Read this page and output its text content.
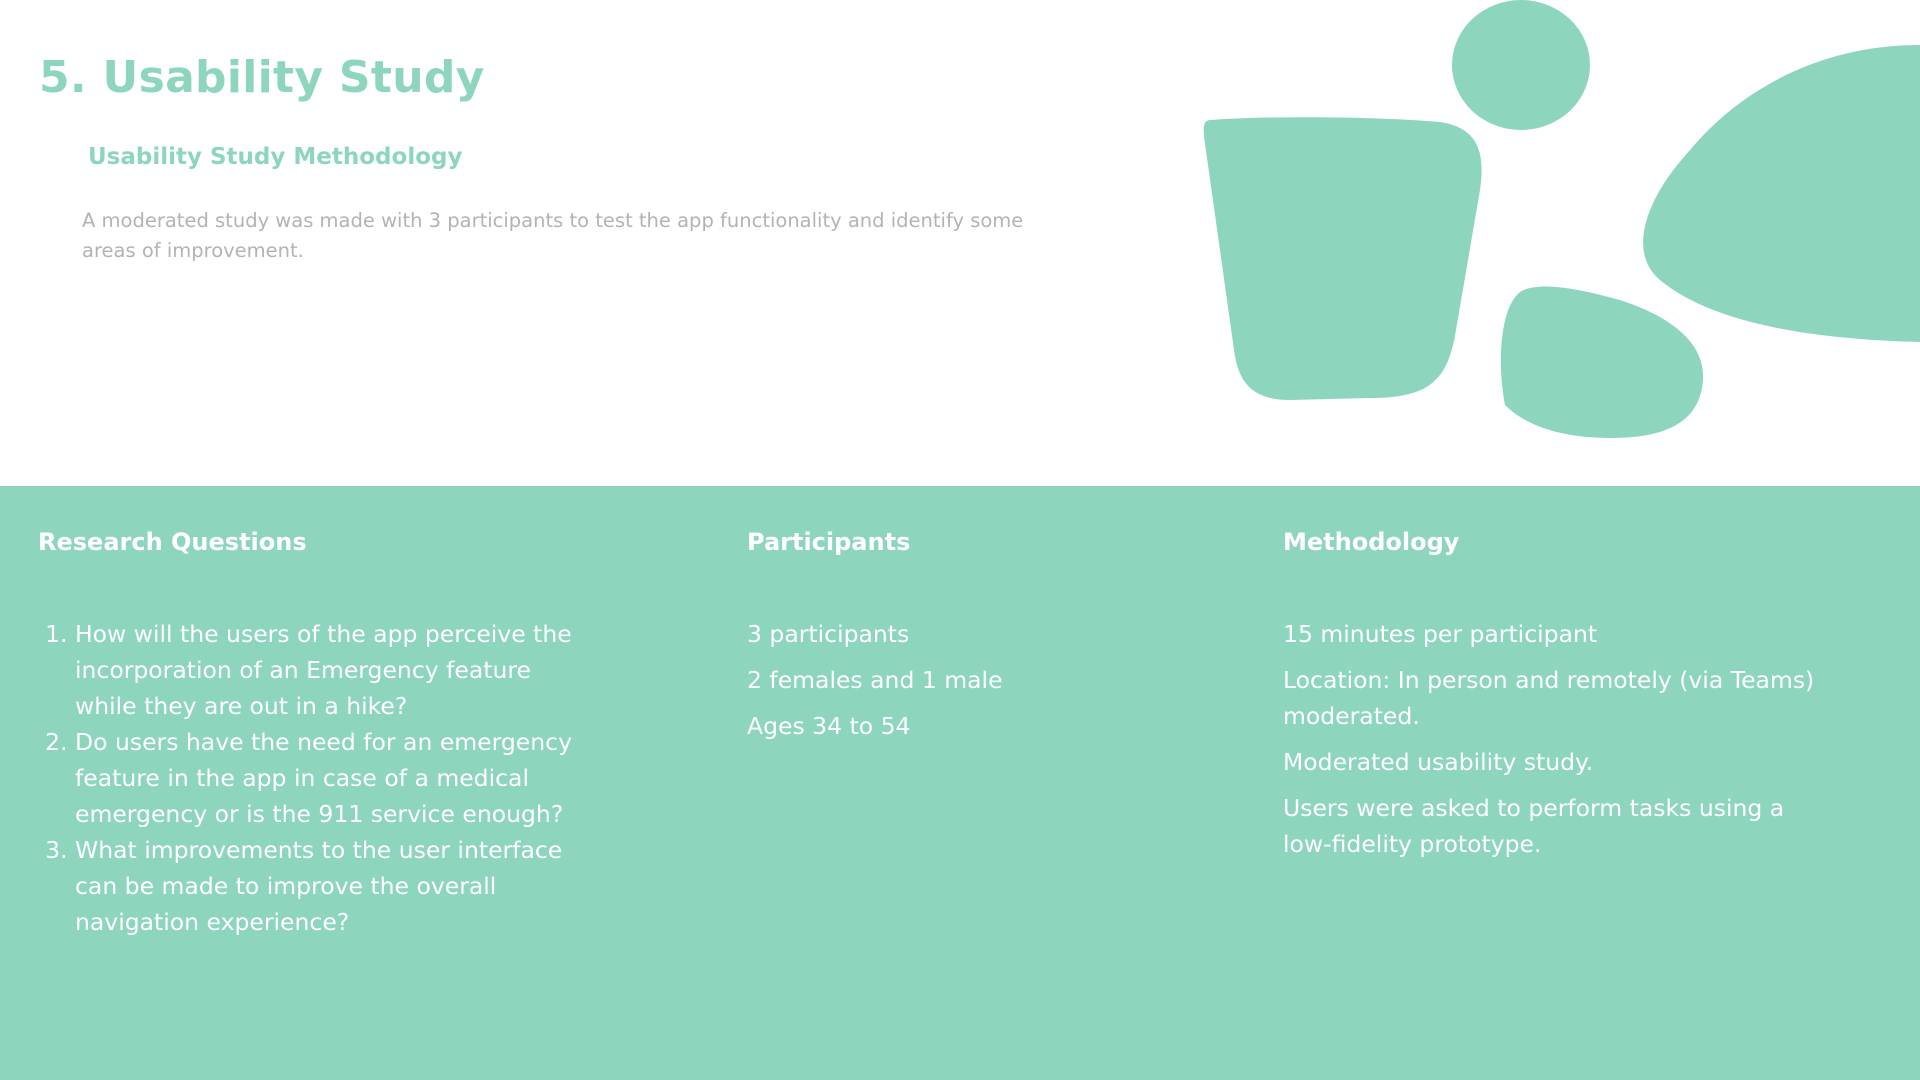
5. Usability Study
Usability Study Methodology

A moderated study was made with 3 participants to test the app functionality and identify some areas of improvement.

Research Questions
1. How will the users of the app perceive the incorporation of an Emergency feature while they are out in a hike?
2. Do users have the need for an emergency feature in the app in case of a medical emergency or is the 911 service enough?
3. What improvements to the user interface can be made to improve the overall navigation experience?
Participants
3 participants
2 females and 1 male
Ages 34 to 54
Methodology
15 minutes per participant
Location: In person and remotely (via Teams) moderated.
Moderated usability study.
Users were asked to perform tasks using a low-fidelity prototype.
